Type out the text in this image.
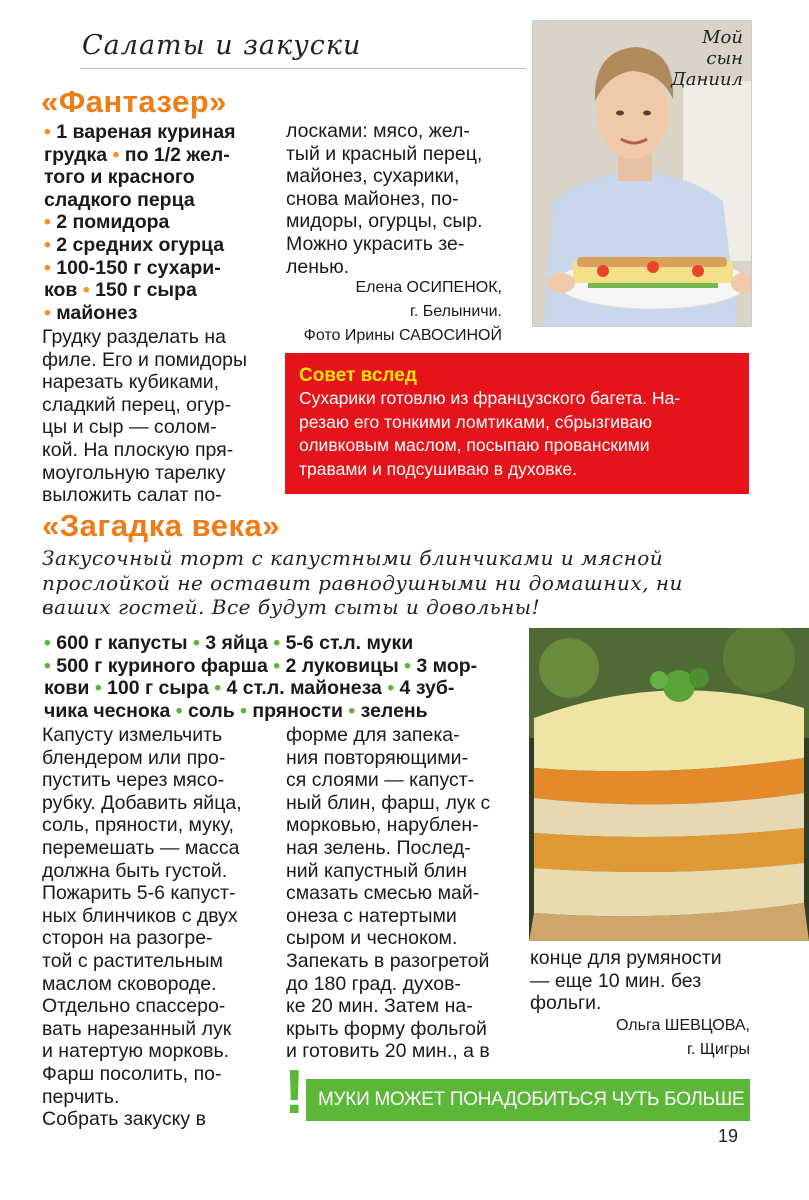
Салаты и закуски
«Фантазер»
• 1 вареная куриная
грудка • по 1/2 жел-
того и красного
сладкого перца
• 2 помидора
• 2 средних огурца
• 100-150 г сухари-
ков • 150 г сыра
• майонез
Грудку разделать на
филе. Его и помидоры
нарезать кубиками,
сладкий перец, огур-
цы и сыр — солом-
кой. На плоскую пря-
моугольную тарелку
выложить салат по-
лосками: мясо, жел-
тый и красный перец,
майонез, сухарики,
снова майонез, по-
мидоры, огурцы, сыр.
Можно украсить зе-
ленью.
Елена ОСИПЕНОК,
г. Белыничи.
Фото Ирины САВОСИНОЙ
Мой
сын
Даниил
Совет вслед
Сухарики готовлю из французского багета. На-
резаю его тонкими ломтиками, сбрызгиваю
оливковым маслом, посыпаю прованскими
травами и подсушиваю в духовке.
«Загадка века»
Закусочный торт с капустными блинчиками и мясной
прослойкой не оставит равнодушными ни домашних, ни
ваших гостей. Все будут сыты и довольны!
• 600 г капусты • 3 яйца • 5-6 ст.л. муки
• 500 г куриного фарша • 2 луковицы • 3 мор-
кови • 100 г сыра • 4 ст.л. майонеза • 4 зуб-
чика чеснока • соль • пряности • зелень
Капусту измельчить
блендером или про-
пустить через мясо-
рубку. Добавить яйца,
соль, пряности, муку,
перемешать — масса
должна быть густой.
Пожарить 5-6 капуст-
ных блинчиков с двух
сторон на разогре-
той с растительным
маслом сковороде.
Отдельно спассеро-
вать нарезанный лук
и натертую морковь.
Фарш посолить, по-
перчить.
Собрать закуску в
форме для запека-
ния повторяющими-
ся слоями — капуст-
ный блин, фарш, лук с
морковью, нарублен-
ная зелень. Послед-
ний капустный блин
смазать смесью май-
онеза с натертыми
сыром и чесноком.
Запекать в разогретой
до 180 град. духов-
ке 20 мин. Затем на-
крыть форму фольгой
и готовить 20 мин., а в
конце для румяности
— еще 10 мин. без
фольги.
Ольга ШЕВЦОВА,
г. Щигры
! МУКИ МОЖЕТ ПОНАДОБИТЬСЯ ЧУТЬ БОЛЬШЕ
19
